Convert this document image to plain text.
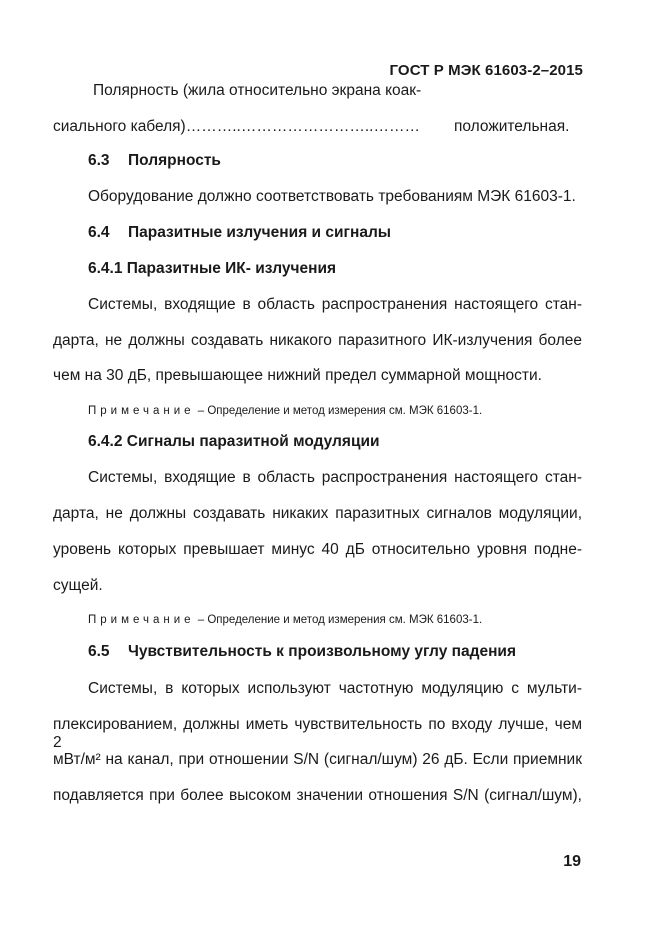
ГОСТ Р МЭК 61603-2–2015
Полярность (жила относительно экрана коак-
сиального кабеля)………..……………………..……… положительная.
6.3 Полярность
Оборудование должно соответствовать требованиям МЭК 61603-1.
6.4 Паразитные излучения и сигналы
6.4.1 Паразитные ИК- излучения
Системы, входящие в область распространения настоящего стан-
дарта, не должны создавать никакого паразитного ИК-излучения более
чем на 30 дБ, превышающее нижний предел суммарной мощности.
Примечание – Определение и метод измерения см. МЭК 61603-1.
6.4.2 Сигналы паразитной модуляции
Системы, входящие в область распространения настоящего стан-
дарта, не должны создавать никаких паразитных сигналов модуляции,
уровень которых превышает минус 40 дБ относительно уровня подне-
сущей.
Примечание – Определение и метод измерения см. МЭК 61603-1.
6.5 Чувствительность к произвольному углу падения
Системы, в которых используют частотную модуляцию с мульти-
плексированием, должны иметь чувствительность по входу лучше, чем 2
мВт/м² на канал, при отношении S/N (сигнал/шум) 26 дБ. Если приемник
подавляется при более высоком значении отношения S/N (сигнал/шум),
19
